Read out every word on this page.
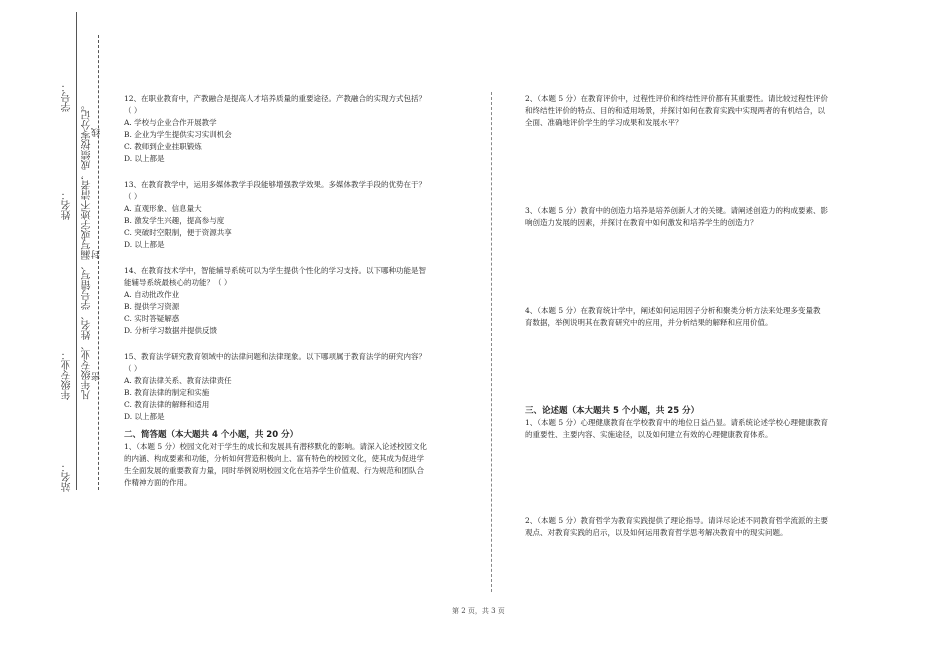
学号：
姓名：
年级专业：
站名：
凡年级专业、姓名、学号错写、漏写或字迹不清者，成绩按零分记。 密
封
线

12、在职业教育中，产教融合是提高人才培养质量的重要途径。产教融合的实现方式包括？

（ ）

A. 学校与企业合作开展教学

B. 企业为学生提供实习实训机会

C. 教师到企业挂职锻炼

D. 以上都是

13、在教育教学中，运用多媒体教学手段能够增强教学效果。多媒体教学手段的优势在于？

（ ）

A. 直观形象、信息量大

B. 激发学生兴趣，提高参与度

C. 突破时空限制，便于资源共享

D. 以上都是

14、在教育技术学中，智能辅导系统可以为学生提供个性化的学习支持。以下哪种功能是智

能辅导系统最核心的功能？（ ）

A. 自动批改作业

B. 提供学习资源

C. 实时答疑解惑

D. 分析学习数据并提供反馈

15、教育法学研究教育领域中的法律问题和法律现象。以下哪项属于教育法学的研究内容？

（ ）

A. 教育法律关系、教育法律责任

B. 教育法律的制定和实施

C. 教育法律的解释和适用

D. 以上都是

二、简答题（本大题共 4 个小题，共 20 分）

1、（本题 5 分）校园文化对于学生的成长和发展具有潜移默化的影响。请深入论述校园文化

的内涵、构成要素和功能，分析如何营造积极向上、富有特色的校园文化，使其成为促进学

生全面发展的重要教育力量，同时举例说明校园文化在培养学生价值观、行为规范和团队合

作精神方面的作用。

2、（本题 5 分）在教育评价中，过程性评价和终结性评价都有其重要性。请比较过程性评价

和终结性评价的特点、目的和适用场景，并探讨如何在教育实践中实现两者的有机结合，以

全面、准确地评价学生的学习成果和发展水平？

3、（本题 5 分）教育中的创造力培养是培养创新人才的关键。请阐述创造力的构成要素、影

响创造力发展的因素，并探讨在教育中如何激发和培养学生的创造力？

4、（本题 5 分）在教育统计学中，阐述如何运用因子分析和聚类分析方法来处理多变量教

育数据，举例说明其在教育研究中的应用，并分析结果的解释和应用价值。

三、论述题（本大题共 5 个小题，共 25 分）

1、（本题 5 分）心理健康教育在学校教育中的地位日益凸显。请系统论述学校心理健康教育

的重要性、主要内容、实施途径，以及如何建立有效的心理健康教育体系。

2、（本题 5 分）教育哲学为教育实践提供了理论指导。请详尽论述不同教育哲学流派的主要

观点、对教育实践的启示，以及如何运用教育哲学思考解决教育中的现实问题。

第 2 页，共 3 页
